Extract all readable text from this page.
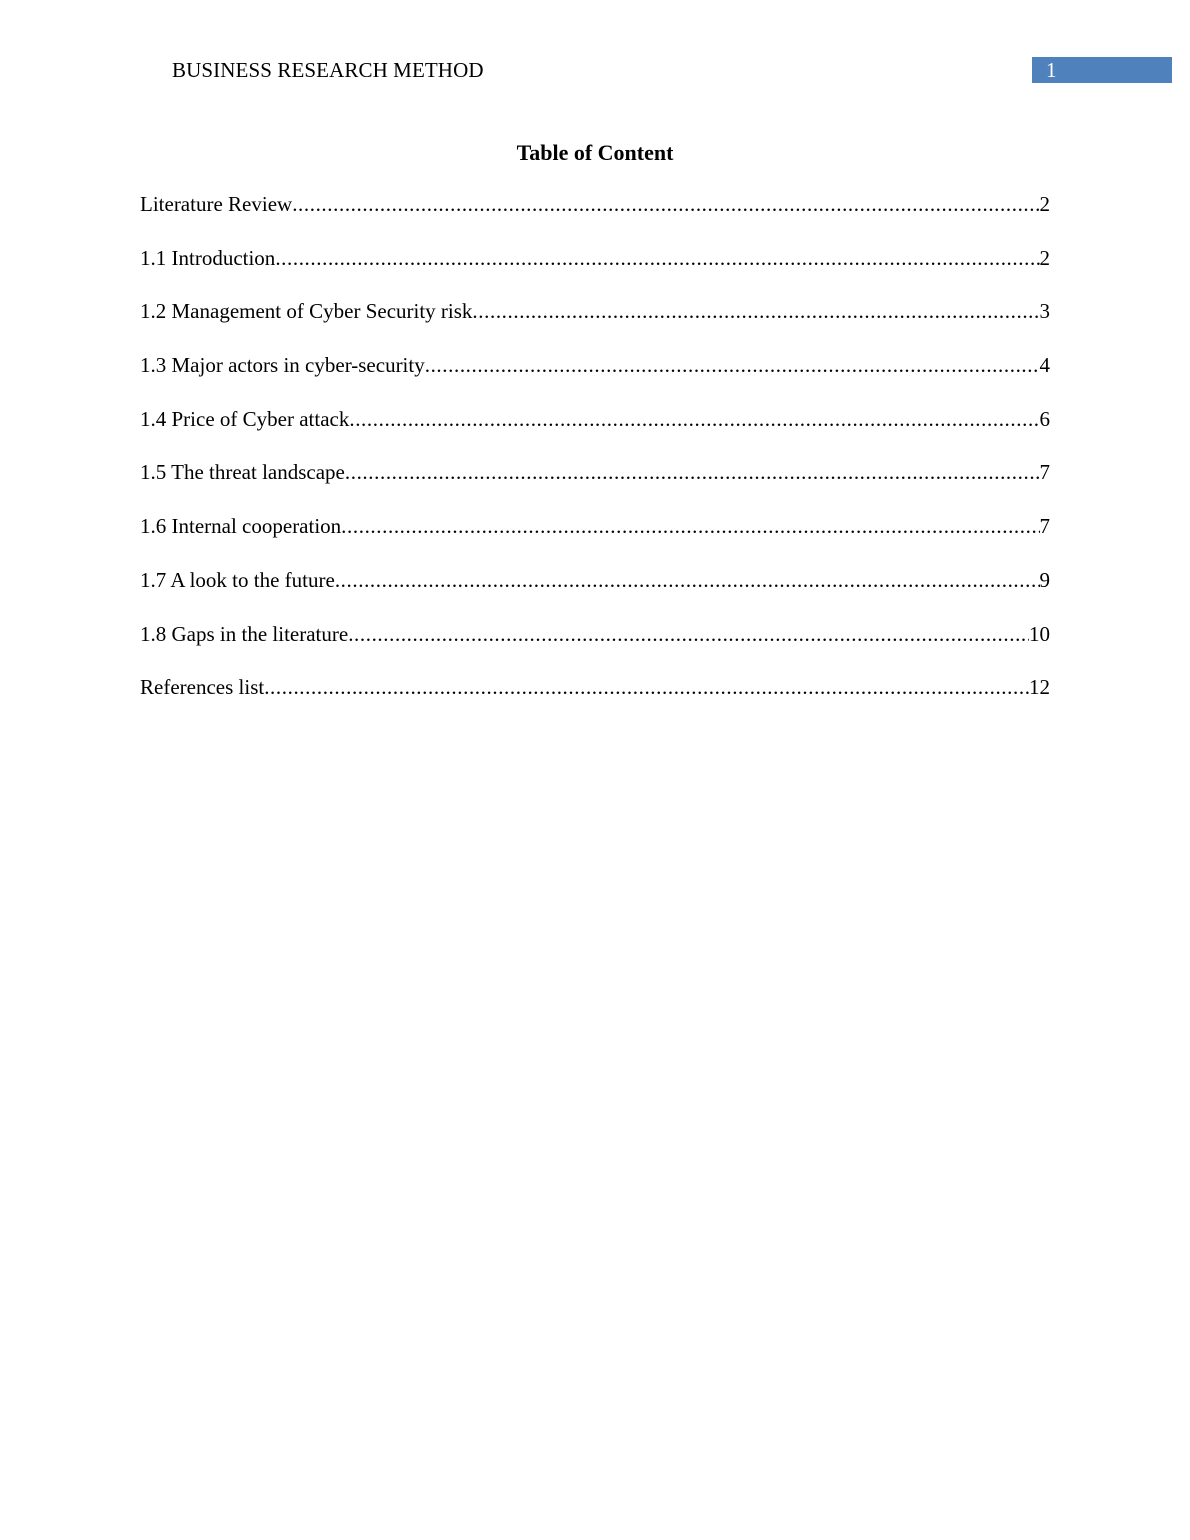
BUSINESS RESEARCH METHOD	1
Table of Content
Literature Review .....	2
1.1 Introduction .....	2
1.2 Management of Cyber Security risk .....	3
1.3 Major actors in cyber-security .....	4
1.4 Price of Cyber attack .....	6
1.5 The threat landscape .....	7
1.6 Internal cooperation .....	7
1.7 A look to the future .....	9
1.8 Gaps in the literature .....	10
References list .....	12
